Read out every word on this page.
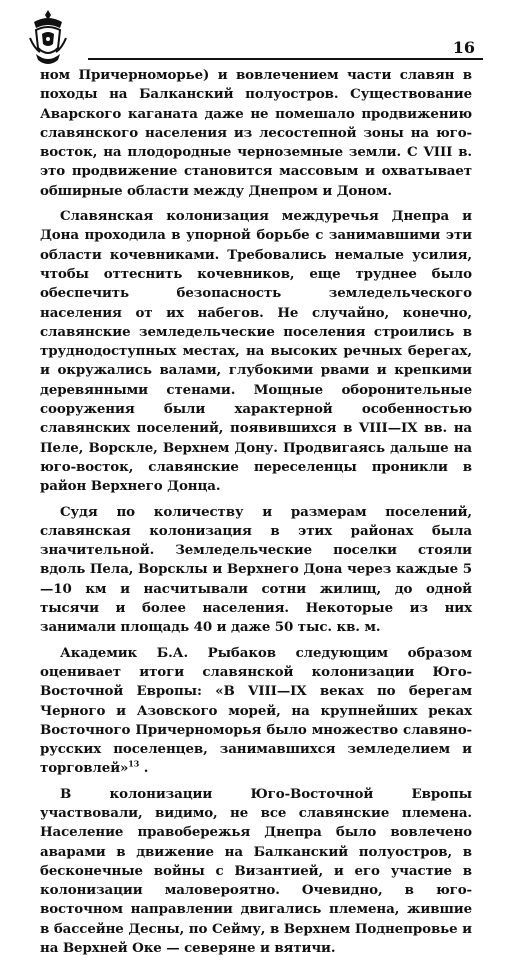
16

ном Причерноморье) и вовлечением части славян в походы на Балканский полуостров. Существование Аварского каганата даже не помешало продвижению славянского населения из лесостепной зоны на юго-восток, на плодородные черноземные земли. С VIII в. это продвижение становится массовым и охватывает обширные области между Днепром и Доном.

Славянская колонизация междуречья Днепра и Дона проходила в упорной борьбе с занимавшими эти области кочевниками. Требовались немалые усилия, чтобы оттеснить кочевников, еще труднее было обеспечить безопасность земледельческого населения от их набегов. Не случайно, конечно, славянские земледельческие поселения строились в труднодоступных местах, на высоких речных берегах, и окружались валами, глубокими рвами и крепкими деревянными стенами. Мощные оборонительные сооружения были характерной особенностью славянских поселений, появившихся в VIII—IX вв. на Пеле, Ворскле, Верхнем Дону. Продвигаясь дальше на юго-восток, славянские переселенцы проникли в район Верхнего Донца.

Судя по количеству и размерам поселений, славянская колонизация в этих районах была значительной. Земледельческие поселки стояли вдоль Пела, Ворсклы и Верхнего Дона через каждые 5—10 км и насчитывали сотни жилищ, до одной тысячи и более населения. Некоторые из них занимали площадь 40 и даже 50 тыс. кв. м.

Академик Б.А. Рыбаков следующим образом оценивает итоги славянской колонизации Юго-Восточной Европы: «В VIII—IX веках по берегам Черного и Азовского морей, на крупнейших реках Восточного Причерноморья было множество славяно-русских поселенцев, занимавшихся земледелием и торговлей»$^{13}$ .

В колонизации Юго-Восточной Европы участвовали, видимо, не все славянские племена. Население правобережья Днепра было вовлечено аварами в движение на Балканский полуостров, в бесконечные войны с Византией, и его участие в колонизации маловероятно. Очевидно, в юго-восточном направлении двигались племена, жившие в бассейне Десны, по Сейму, в Верхнем Поднепровье и на Верхней Оке — северяне и вятичи.
